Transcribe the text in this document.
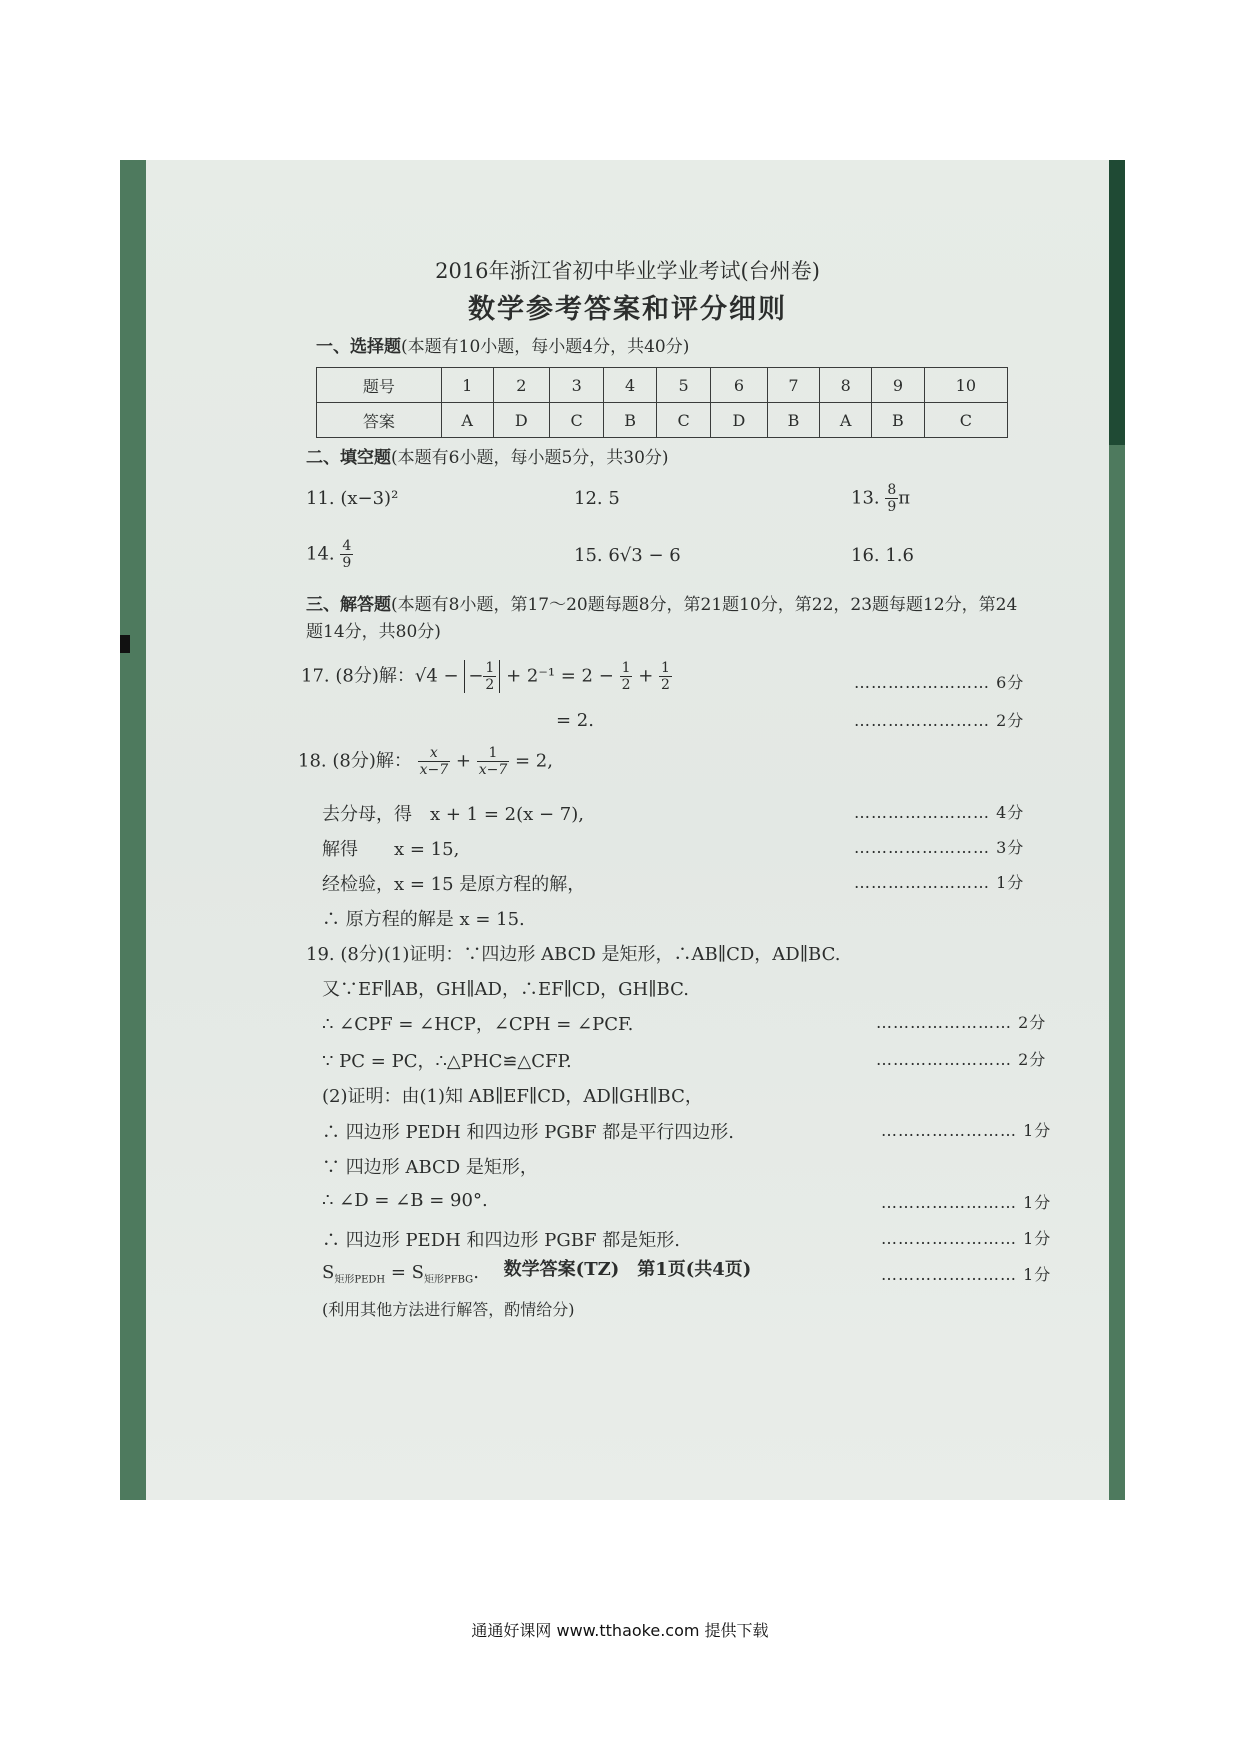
2016年浙江省初中毕业学业考试(台州卷)
数学参考答案和评分细则
一、选择题(本题有10小题，每小题4分，共40分)
题号	1	2	3	4	5	6	7	8	9	10
答案	A	D	C	B	C	D	B	A	B	C
二、填空题(本题有6小题，每小题5分，共30分)
11. (x−3)²	12. 5	13. $\frac{8}{9}$ π
14. $\frac{4}{9}$	15. 6√3 − 6	16. 1.6
三、解答题(本题有8小题，第17～20题每题8分，第21题10分，第22，23题每题12分，第24
题14分，共80分)
17. (8分)解：√4 − − $\frac{1}{2} + 2^{-1} = 2 - \frac{1}{2} + \frac{1}{2}$	…………………… 6分
= 2.	…………………… 2分
18. (8分)解： $\frac{x}{x-7} + \frac{1}{x-7} = 2$,
去分母，得　x + 1 = 2(x − 7),	…………………… 4分
解得　　x = 15,	…………………… 3分
经检验，x = 15 是原方程的解，	…………………… 1分
∴ 原方程的解是 x = 15.
19. (8分)(1)证明：∵四边形 ABCD 是矩形，∴AB∥CD，AD∥BC.
又∵EF∥AB，GH∥AD，∴EF∥CD，GH∥BC.
∴ ∠CPF = ∠HCP，∠CPH = ∠PCF.	…………………… 2分
∵ PC = PC，∴△PHC≌△CFP.	…………………… 2分
(2)证明：由(1)知 AB∥EF∥CD，AD∥GH∥BC，
∴ 四边形 PEDH 和四边形 PGBF 都是平行四边形.	…………………… 1分
∵ 四边形 ABCD 是矩形，
∴ ∠D = ∠B = 90°.	…………………… 1分
∴ 四边形 PEDH 和四边形 PGBF 都是矩形.	…………………… 1分
$S_{矩形PEDH} = S_{矩形PFBG}$.	…………………… 1分
(利用其他方法进行解答，酌情给分)
数学答案(TZ)　第1页(共4页)
通通好课网 www.tthaoke.com 提供下载
